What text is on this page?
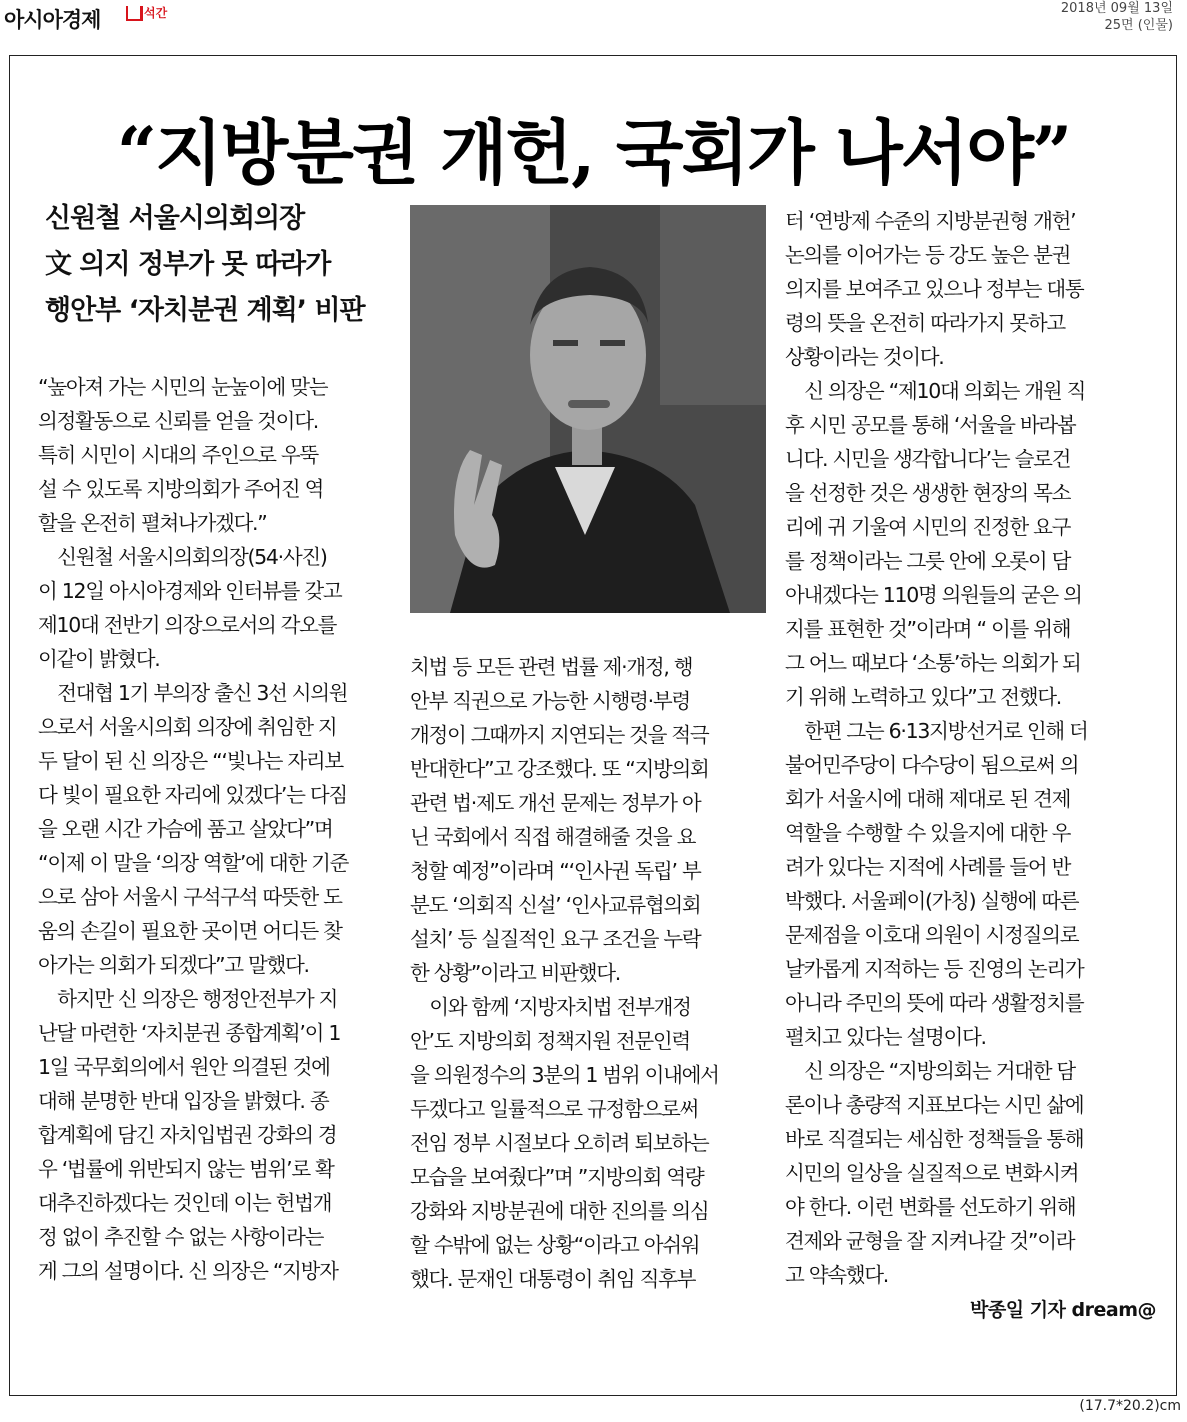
아시아경제	석간	2018년 09월 13일
25면 (인물)
“지방분권 개헌, 국회가 나서야”
신원철 서울시의회의장
文 의지 정부가 못 따라가
행안부 ‘자치분권 계획’ 비판

“높아져 가는 시민의 눈높이에 맞는

의정활동으로 신뢰를 얻을 것이다.

특히 시민이 시대의 주인으로 우뚝

설 수 있도록 지방의회가 주어진 역

할을 온전히 펼쳐나가겠다.”

　신원철 서울시의회의장(54·사진)

이 12일 아시아경제와 인터뷰를 갖고

제10대 전반기 의장으로서의 각오를

이같이 밝혔다.

　전대협 1기 부의장 출신 3선 시의원

으로서 서울시의회 의장에 취임한 지

두 달이 된 신 의장은 “‘빛나는 자리보

다 빛이 필요한 자리에 있겠다’는 다짐

을 오랜 시간 가슴에 품고 살았다”며

“이제 이 말을 ‘의장 역할’에 대한 기준

으로 삼아 서울시 구석구석 따뜻한 도

움의 손길이 필요한 곳이면 어디든 찾

아가는 의회가 되겠다”고 말했다.

　하지만 신 의장은 행정안전부가 지

난달 마련한 ‘자치분권 종합계획’이 1

1일 국무회의에서 원안 의결된 것에

대해 분명한 반대 입장을 밝혔다. 종

합계획에 담긴 자치입법권 강화의 경

우 ‘법률에 위반되지 않는 범위’로 확

대추진하겠다는 것인데 이는 헌법개

정 없이 추진할 수 없는 사항이라는

게 그의 설명이다. 신 의장은 “지방자

치법 등 모든 관련 법률 제·개정, 행

안부 직권으로 가능한 시행령·부령

개정이 그때까지 지연되는 것을 적극

반대한다”고 강조했다. 또 “지방의회

관련 법·제도 개선 문제는 정부가 아

닌 국회에서 직접 해결해줄 것을 요

청할 예정”이라며 “‘인사권 독립’ 부

분도 ‘의회직 신설’ ‘인사교류협의회

설치’ 등 실질적인 요구 조건을 누락

한 상황”이라고 비판했다.

　이와 함께 ‘지방자치법 전부개정

안’도 지방의회 정책지원 전문인력

을 의원정수의 3분의 1 범위 이내에서

두겠다고 일률적으로 규정함으로써

전임 정부 시절보다 오히려 퇴보하는

모습을 보여줬다”며 ”지방의회 역량

강화와 지방분권에 대한 진의를 의심

할 수밖에 없는 상황“이라고 아쉬워

했다. 문재인 대통령이 취임 직후부

터 ‘연방제 수준의 지방분권형 개헌’

논의를 이어가는 등 강도 높은 분권

의지를 보여주고 있으나 정부는 대통

령의 뜻을 온전히 따라가지 못하고

상황이라는 것이다.

　신 의장은 “제10대 의회는 개원 직

후 시민 공모를 통해 ‘서울을 바라봅

니다. 시민을 생각합니다’는 슬로건

을 선정한 것은 생생한 현장의 목소

리에 귀 기울여 시민의 진정한 요구

를 정책이라는 그릇 안에 오롯이 담

아내겠다는 110명 의원들의 굳은 의

지를 표현한 것”이라며 “ 이를 위해

그 어느 때보다 ‘소통’하는 의회가 되

기 위해 노력하고 있다”고 전했다.

　한편 그는 6·13지방선거로 인해 더

불어민주당이 다수당이 됨으로써 의

회가 서울시에 대해 제대로 된 견제

역할을 수행할 수 있을지에 대한 우

려가 있다는 지적에 사례를 들어 반

박했다. 서울페이(가칭) 실행에 따른

문제점을 이호대 의원이 시정질의로

날카롭게 지적하는 등 진영의 논리가

아니라 주민의 뜻에 따라 생활정치를

펼치고 있다는 설명이다.

　신 의장은 “지방의회는 거대한 담

론이나 총량적 지표보다는 시민 삶에

바로 직결되는 세심한 정책들을 통해

시민의 일상을 실질적으로 변화시켜

야 한다. 이런 변화를 선도하기 위해

견제와 균형을 잘 지켜나갈 것”이라

고 약속했다.

박종일 기자 dream@
(17.7*20.2)cm
